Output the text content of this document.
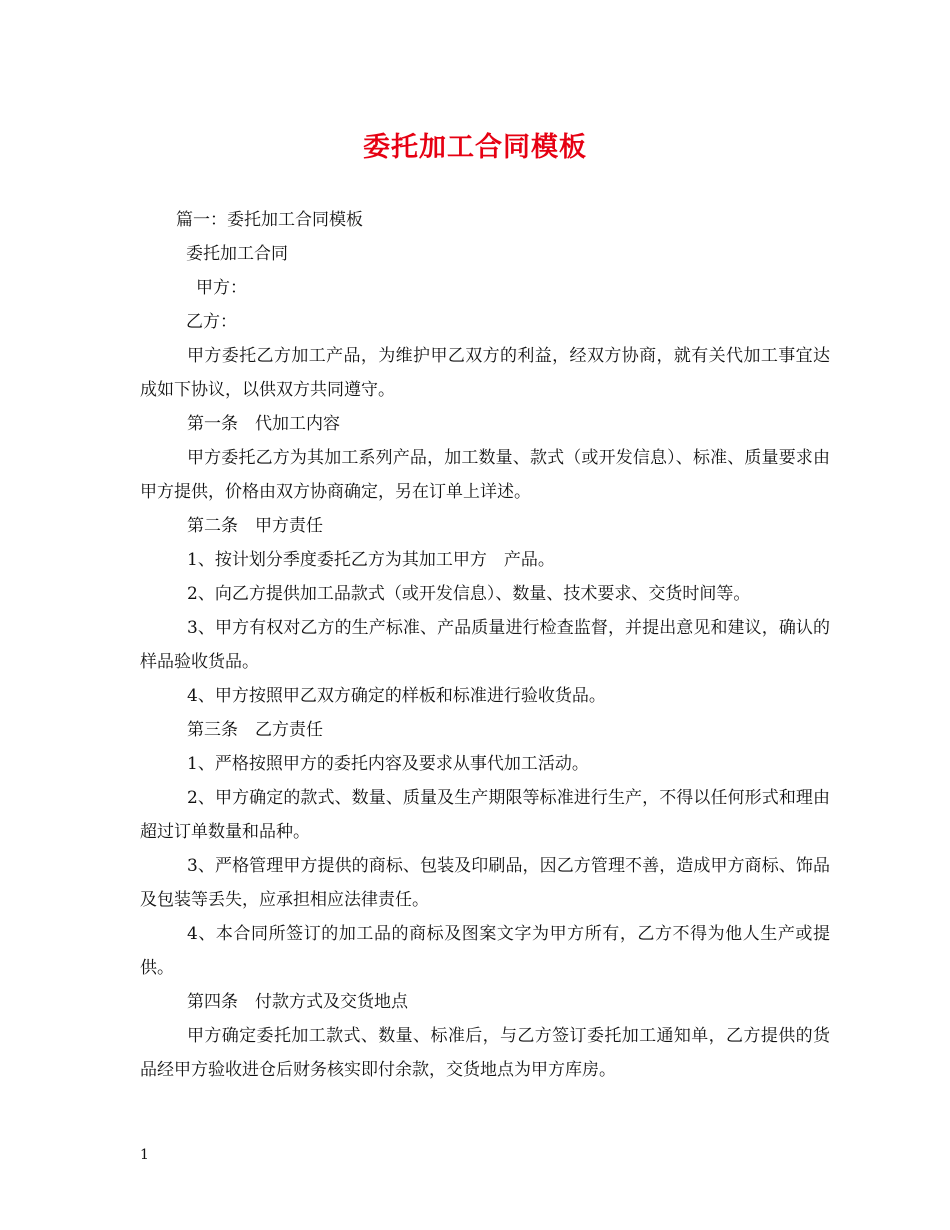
委托加工合同模板

篇一：委托加工合同模板

委托加工合同

甲方：

乙方：

甲方委托乙方加工产品，为维护甲乙双方的利益，经双方协商，就有关代加工事宜达成如下协议，以供双方共同遵守。

第一条　代加工内容

甲方委托乙方为其加工系列产品，加工数量、款式（或开发信息）、标准、质量要求由甲方提供，价格由双方协商确定，另在订单上详述。

第二条　甲方责任

1、按计划分季度委托乙方为其加工甲方　产品。

2、向乙方提供加工品款式（或开发信息）、数量、技术要求、交货时间等。

3、甲方有权对乙方的生产标准、产品质量进行检查监督，并提出意见和建议，确认的样品验收货品。

4、甲方按照甲乙双方确定的样板和标准进行验收货品。

第三条　乙方责任

1、严格按照甲方的委托内容及要求从事代加工活动。

2、甲方确定的款式、数量、质量及生产期限等标准进行生产，不得以任何形式和理由超过订单数量和品种。

3、严格管理甲方提供的商标、包装及印刷品，因乙方管理不善，造成甲方商标、饰品及包装等丢失，应承担相应法律责任。

4、本合同所签订的加工品的商标及图案文字为甲方所有，乙方不得为他人生产或提供。

第四条　付款方式及交货地点

甲方确定委托加工款式、数量、标准后，与乙方签订委托加工通知单，乙方提供的货品经甲方验收进仓后财务核实即付余款，交货地点为甲方库房。

1
